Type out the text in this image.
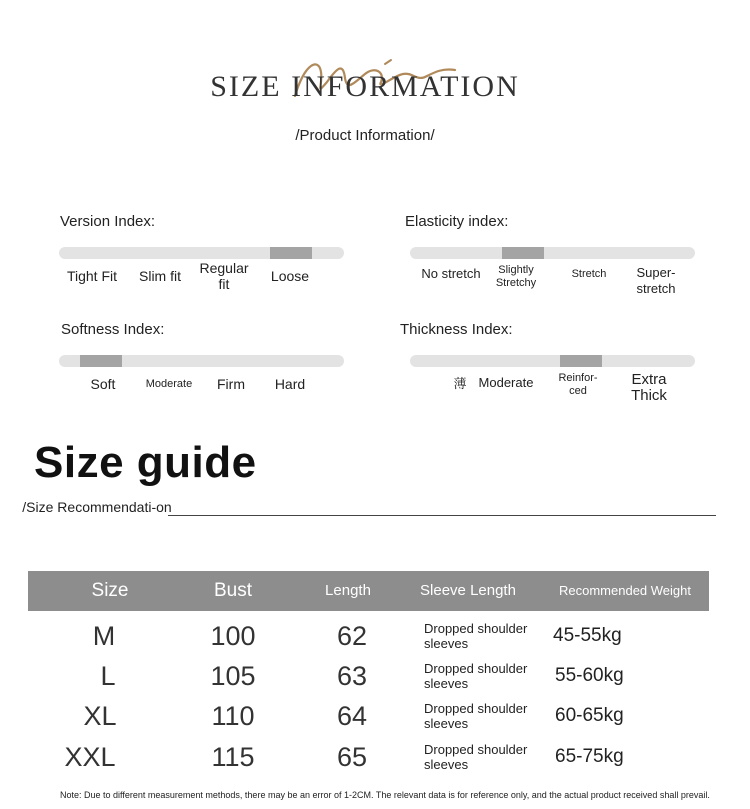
SIZE INFORMATION
/Product Information/
Version Index:
Tight Fit	Slim fit	Regular fit	Loose
Elasticity index:
No stretch	Slightly Stretchy
Stretch	Super-stretch
Softness Index:
Soft	Moderate	Firm	Hard
Thickness Index:
薄 Moderate	Reinfor-ced
Extra Thick
Size guide
/Size Recommendati-on
Size	Bust	Length	Sleeve Length	Recommended Weight
M	100	62	Dropped shoulder sleeves	45-55kg
L	105	63	Dropped shoulder sleeves	55-60kg
XL	110	64	Dropped shoulder sleeves	60-65kg
XXL	115	65	Dropped shoulder sleeves	65-75kg
Note: Due to different measurement methods, there may be an error of 1-2CM. The relevant data is for reference only, and the actual product received shall prevail.
